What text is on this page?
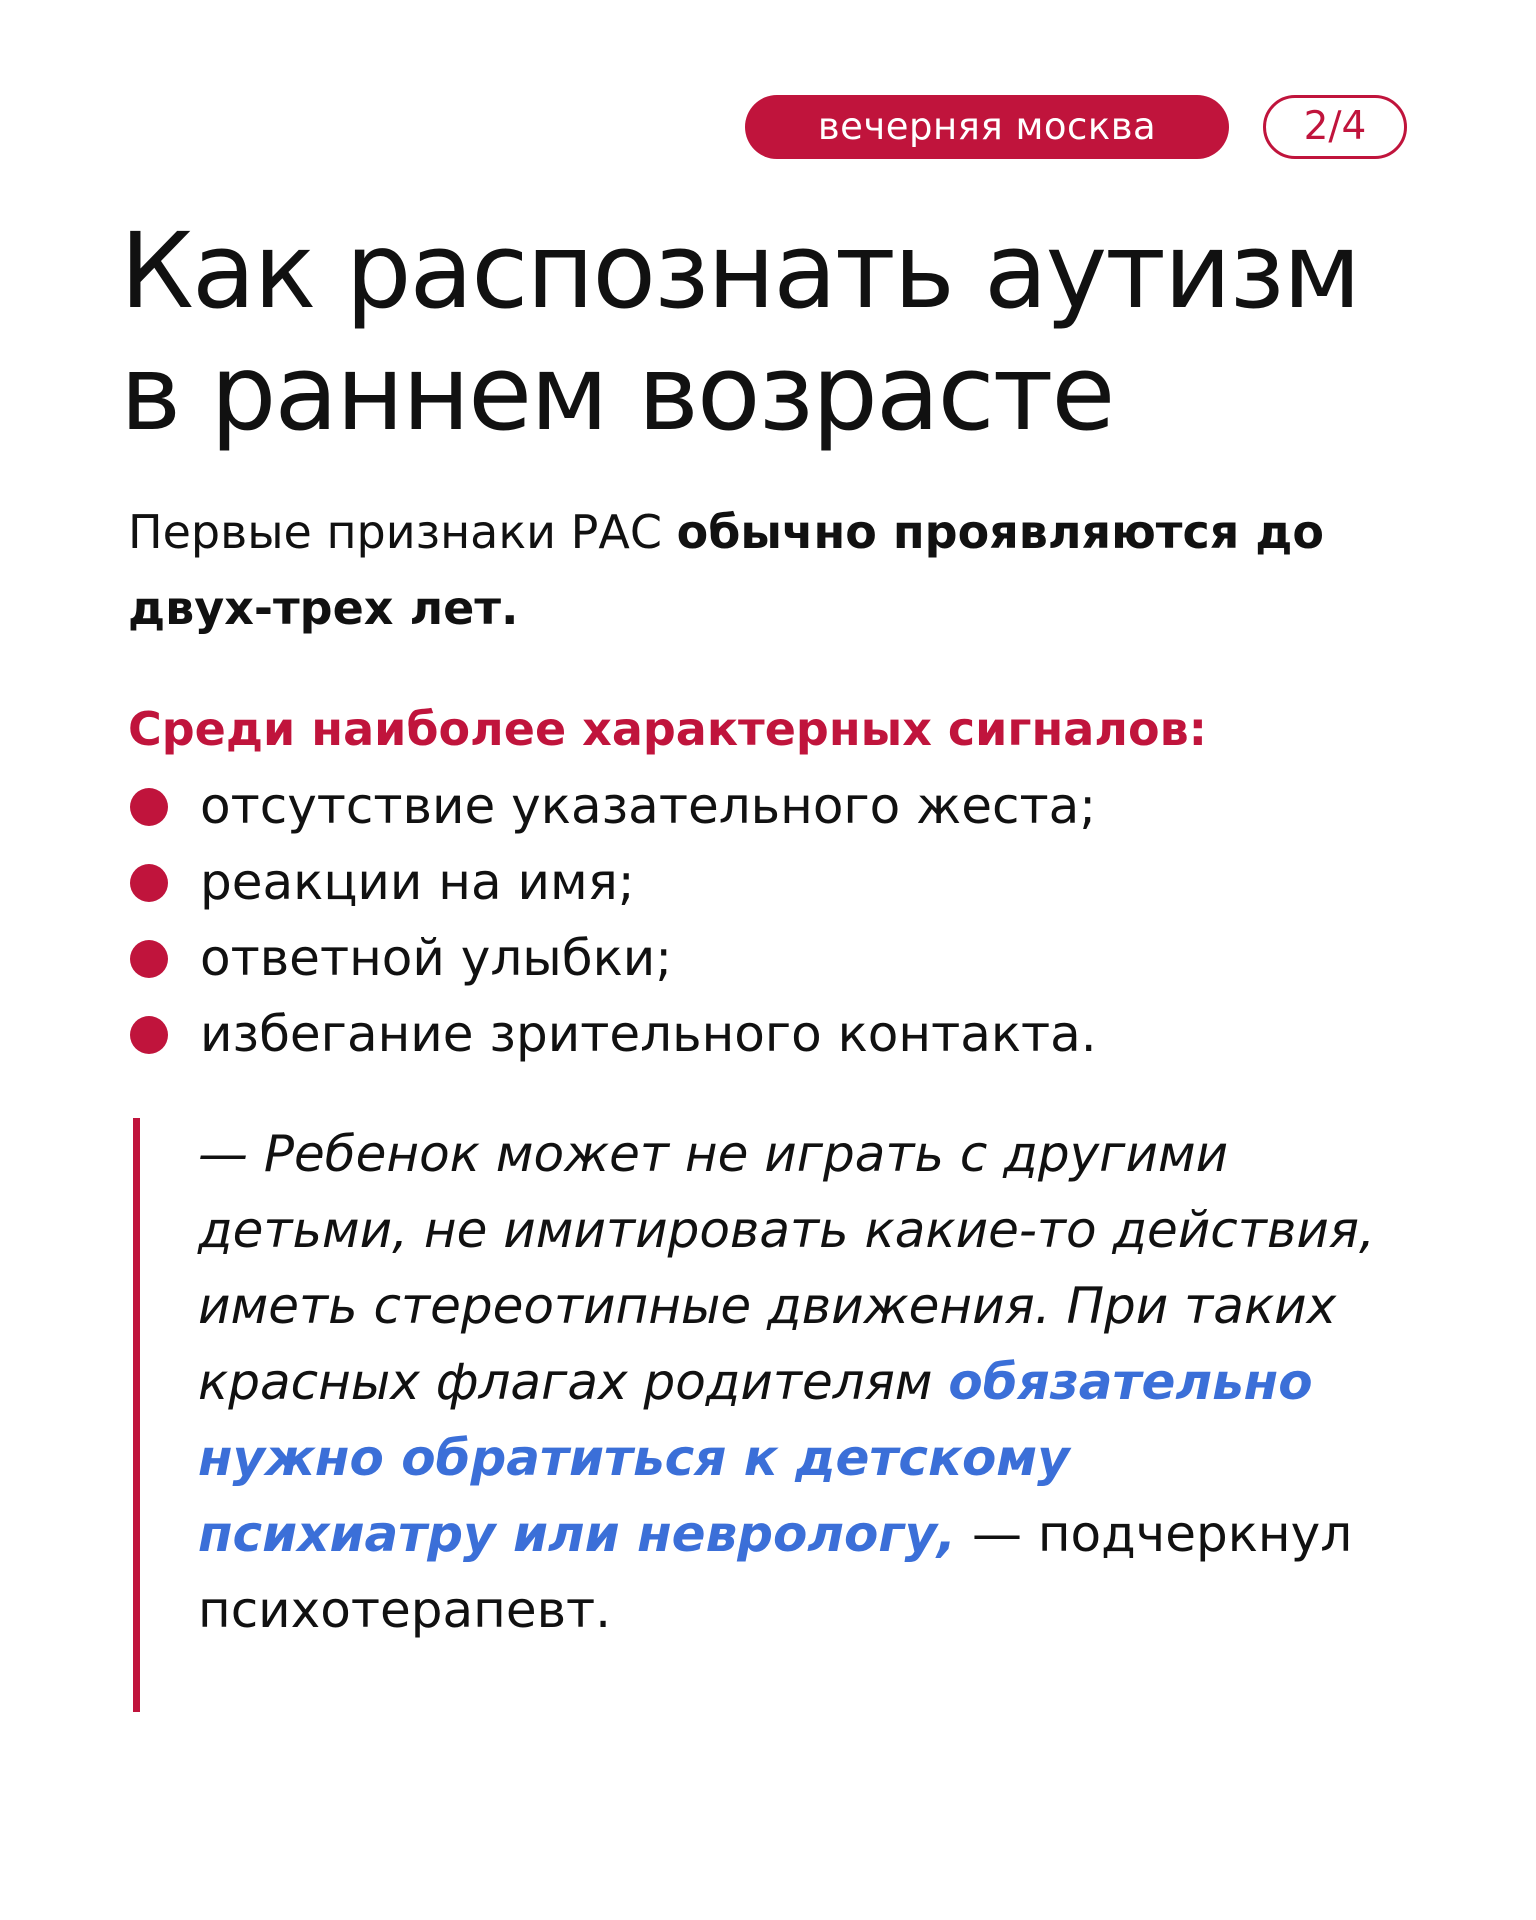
вечерняя москва	2/4
Как распознать аутизм
в раннем возрасте

Первые признаки РАС обычно проявляются до двух-трех лет.

Среди наиболее характерных сигналов:

отсутствие указательного жеста;
реакции на имя;
ответной улыбки;
избегание зрительного контакта.

— Ребенок может не играть с другими детьми, не имитировать какие-то действия, иметь стереотипные движения. При таких красных флагах родителям обязательно нужно обратиться к детскому психиатру или неврологу, — подчеркнул психотерапевт.
